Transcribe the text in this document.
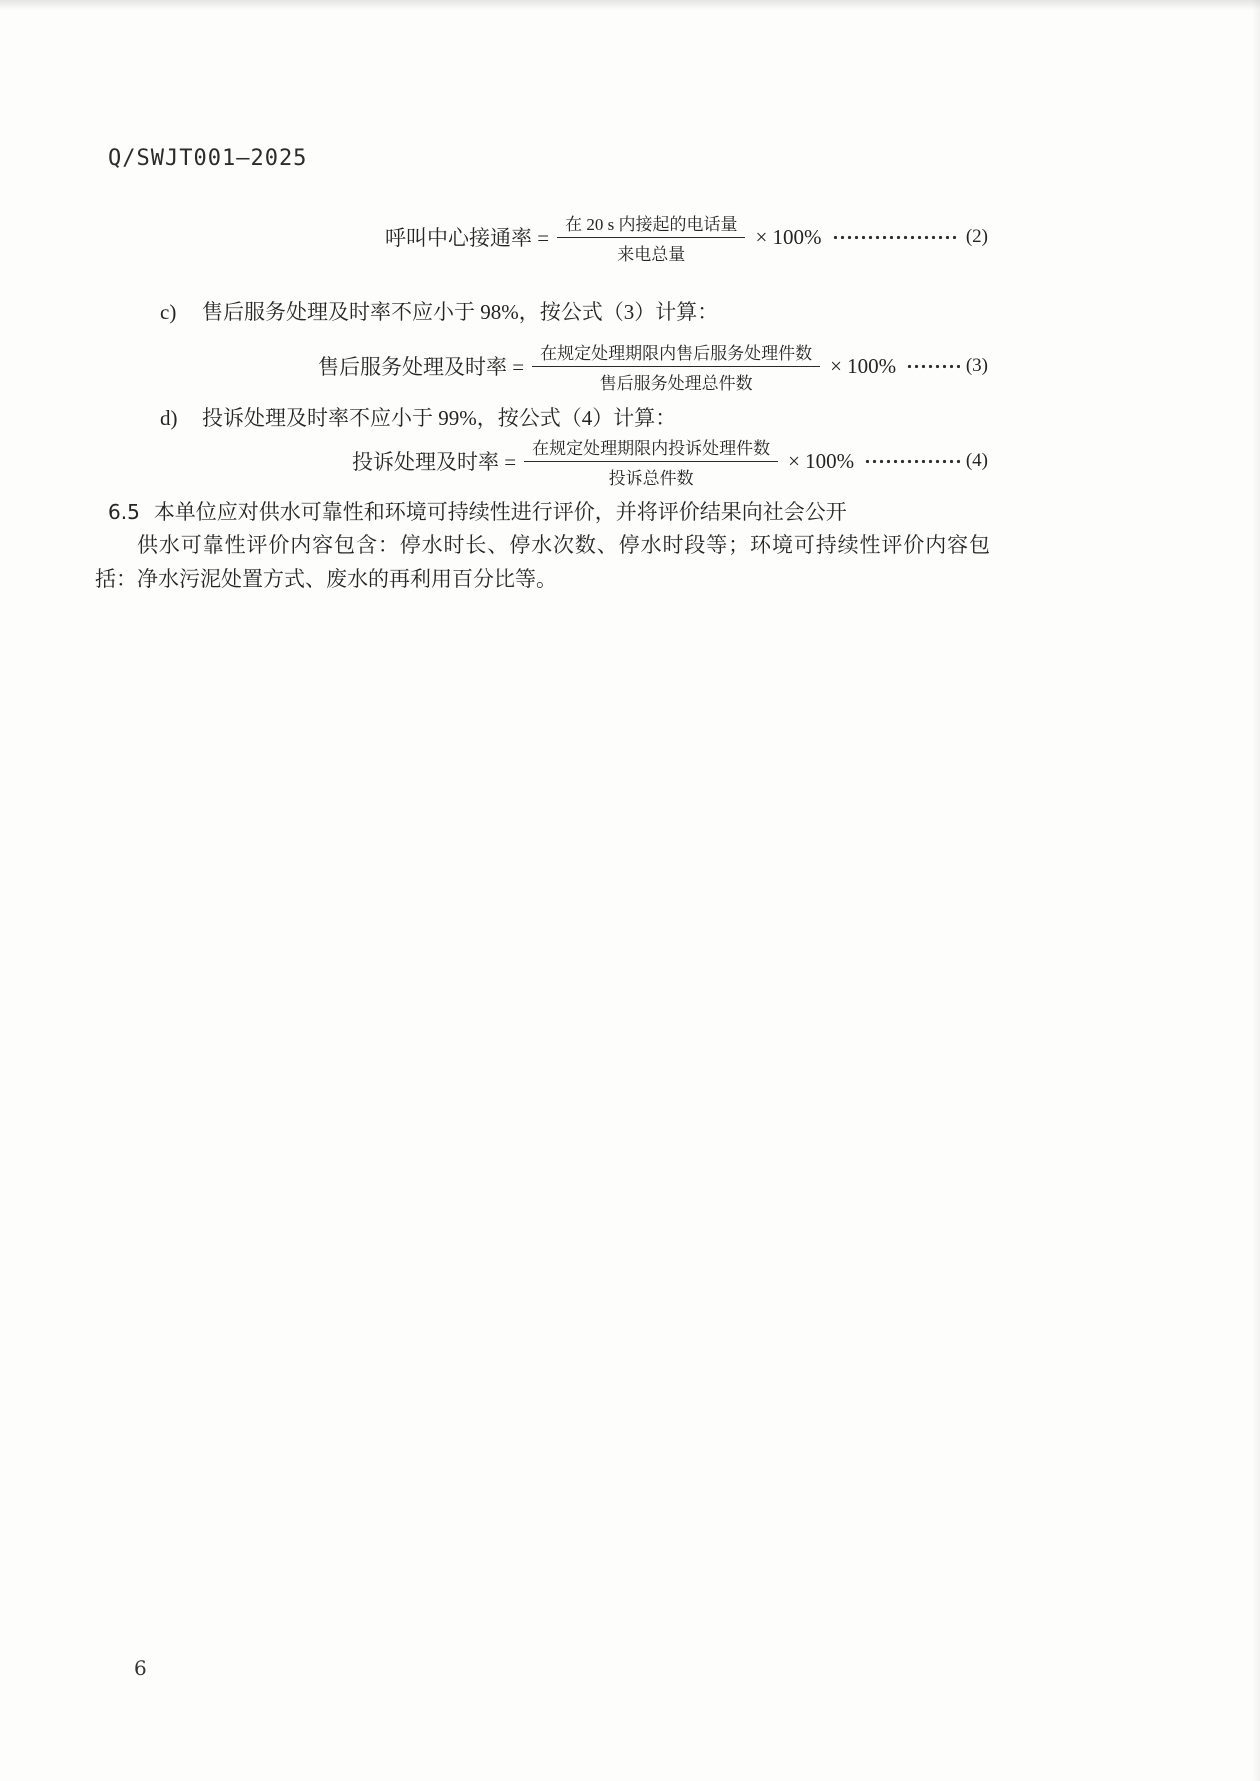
Q/SWJT001—2025
呼叫中心接通率 = $\frac{\text{在 20 s 内接起的电话量}}{\text{来电总量}} \times 100\%$	(2)
c) 售后服务处理及时率不应小于 98%，按公式（3）计算：
售后服务处理及时率 = $\frac{\text{在规定处理期限内售后服务处理件数}}{\text{售后服务处理总件数}} \times 100\%$	(3)
d) 投诉处理及时率不应小于 99%，按公式（4）计算：
投诉处理及时率 = $\frac{\text{在规定处理期限内投诉处理件数}}{\text{投诉总件数}} \times 100\%$	(4)
6.5 本单位应对供水可靠性和环境可持续性进行评价，并将评价结果向社会公开

供水可靠性评价内容包含：停水时长、停水次数、停水时段等；环境可持续性评价内容包括：净水污泥处置方式、废水的再利用百分比等。

6
